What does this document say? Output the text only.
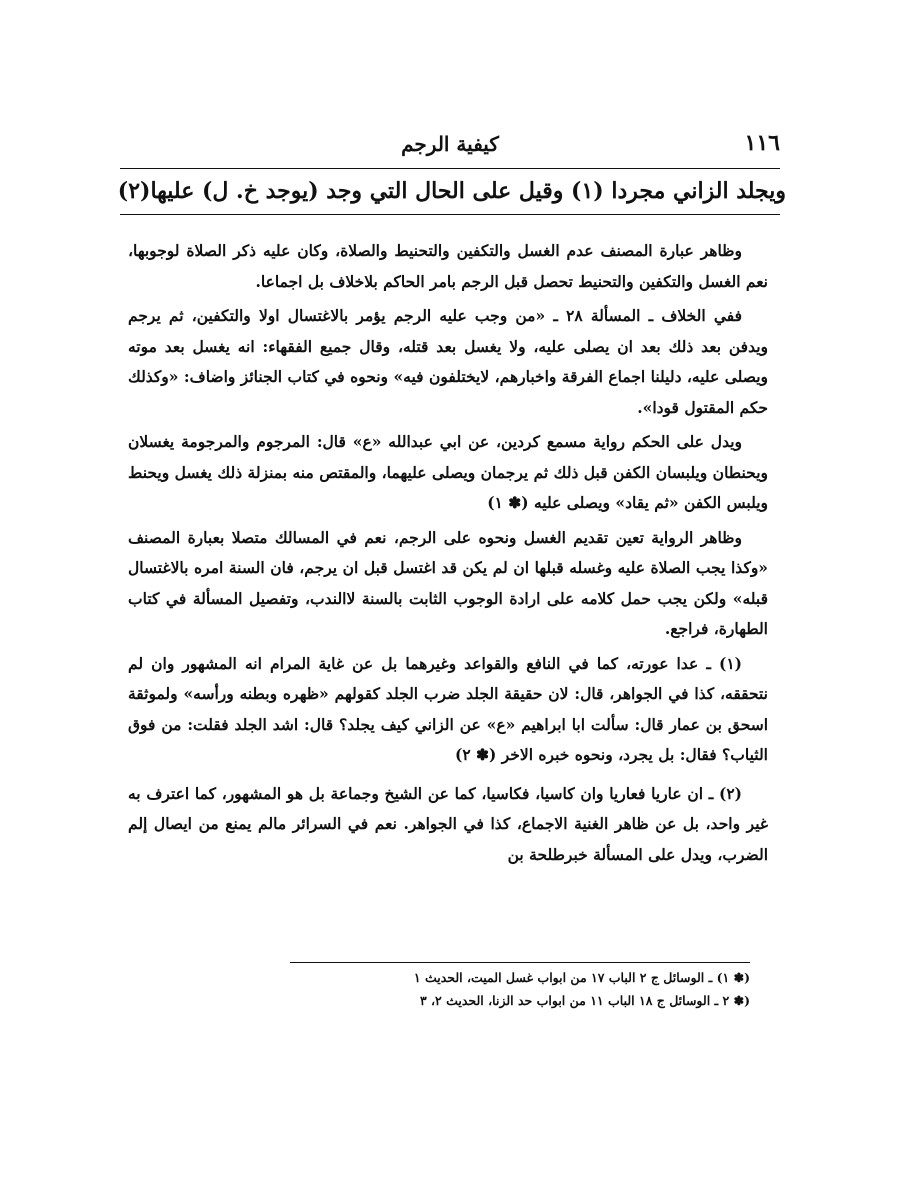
١١٦
كيفية الرجم
ويجلد الزاني مجردا (١) وقيل على الحال التي وجد (يوجد خ. ل) عليها(٢)

وظاهر عبارة المصنف عدم الغسل والتكفين والتحنيط والصلاة، وكان عليه ذكر الصلاة لوجوبها، نعم الغسل والتكفين والتحنيط تحصل قبل الرجم بامر الحاكم بلاخلاف بل اجماعا.

ففي الخلاف ـ المسألة ٢٨ ـ «من وجب عليه الرجم يؤمر بالاغتسال اولا والتكفين، ثم يرجم ويدفن بعد ذلك بعد ان يصلى عليه، ولا يغسل بعد قتله، وقال جميع الفقهاء: انه يغسل بعد موته ويصلى عليه، دليلنا اجماع الفرقة واخبارهم، لايختلفون فيه» ونحوه في كتاب الجنائز واضاف: «وكذلك حكم المقتول قودا».

ويدل على الحكم رواية مسمع كردين، عن ابي عبدالله «ع» قال: المرجوم والمرجومة يغسلان ويحنطان ويلبسان الكفن قبل ذلك ثم يرجمان ويصلى عليهما، والمقتص منه بمنزلة ذلك يغسل ويحنط ويلبس الكفن «ثم يقاد» ويصلى عليه (✽ ١)

وظاهر الرواية تعين تقديم الغسل ونحوه على الرجم، نعم في المسالك متصلا بعبارة المصنف «وكذا يجب الصلاة عليه وغسله قبلها ان لم يكن قد اغتسل قبل ان يرجم، فان السنة امره بالاغتسال قبله» ولكن يجب حمل كلامه على ارادة الوجوب الثابت بالسنة لاالندب، وتفصيل المسألة في كتاب الطهارة، فراجع.

(١) ـ عدا عورته، كما في النافع والقواعد وغيرهما بل عن غاية المرام انه المشهور وان لم نتحققه، كذا في الجواهر، قال: لان حقيقة الجلد ضرب الجلد كقولهم «ظهره وبطنه ورأسه» ولموثقة اسحق بن عمار قال: سألت ابا ابراهيم «ع» عن الزاني كيف يجلد؟ قال: اشد الجلد فقلت: من فوق الثياب؟ فقال: بل يجرد، ونحوه خبره الاخر (✽ ٢)

(٢) ـ ان عاريا فعاريا وان كاسيا، فكاسيا، كما عن الشيخ وجماعة بل هو المشهور، كما اعترف به غير واحد، بل عن ظاهر الغنية الاجماع، كذا في الجواهر. نعم في السرائر مالم يمنع من ايصال إلم الضرب، ويدل على المسألة خبرطلحة بن

(✽ ١) ـ الوسائل ج ٢ الباب ١٧ من ابواب غسل الميت، الحديث ١

(✽ ٢ ـ الوسائل ج ١٨ الباب ١١ من ابواب حد الزنا، الحديث ٢، ٣
